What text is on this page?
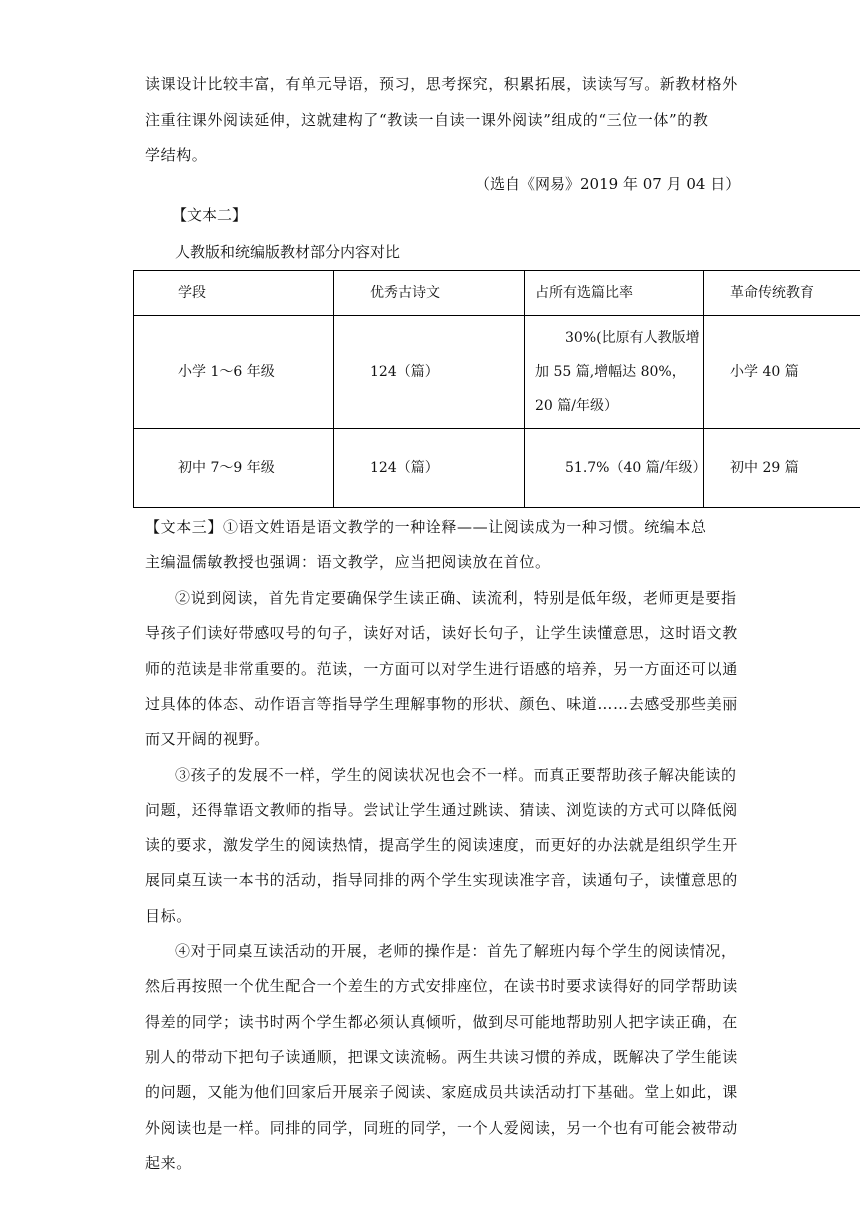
读课设计比较丰富，有单元导语，预习，思考探究，积累拓展，读读写写。新教材格外
注重往课外阅读延伸，这就建构了“教读一自读一课外阅读”组成的“三位一体”的教
学结构。
（选自《网易》2019 年 07 月 04 日）
【文本二】
人教版和统编版教材部分内容对比
学段	优秀古诗文	占所有选篇比率	革命传统教育
小学 1～6 年级	124（篇）	30%(比原有人教版增加 55 篇,增幅达 80%，20 篇/年级）	小学 40 篇
初中 7～9 年级	124（篇）	51.7%（40 篇/年级）	初中 29 篇
【文本三】①语文姓语是语文教学的一种诠释——让阅读成为一种习惯。统编本总
主编温儒敏教授也强调：语文教学，应当把阅读放在首位。
②说到阅读，首先肯定要确保学生读正确、读流利，特别是低年级，老师更是要指
导孩子们读好带感叹号的句子，读好对话，读好长句子，让学生读懂意思，这时语文教
师的范读是非常重要的。范读，一方面可以对学生进行语感的培养，另一方面还可以通
过具体的体态、动作语言等指导学生理解事物的形状、颜色、味道……去感受那些美丽
而又开阔的视野。
③孩子的发展不一样，学生的阅读状况也会不一样。而真正要帮助孩子解决能读的
问题，还得靠语文教师的指导。尝试让学生通过跳读、猜读、浏览读的方式可以降低阅
读的要求，激发学生的阅读热情，提高学生的阅读速度，而更好的办法就是组织学生开
展同桌互读一本书的活动，指导同排的两个学生实现读准字音，读通句子，读懂意思的
目标。
④对于同桌互读活动的开展，老师的操作是：首先了解班内每个学生的阅读情况，
然后再按照一个优生配合一个差生的方式安排座位，在读书时要求读得好的同学帮助读
得差的同学；读书时两个学生都必须认真倾听，做到尽可能地帮助别人把字读正确，在
别人的带动下把句子读通顺，把课文读流畅。两生共读习惯的养成，既解决了学生能读
的问题，又能为他们回家后开展亲子阅读、家庭成员共读活动打下基础。堂上如此，课
外阅读也是一样。同排的同学，同班的同学，一个人爱阅读，另一个也有可能会被带动
起来。
